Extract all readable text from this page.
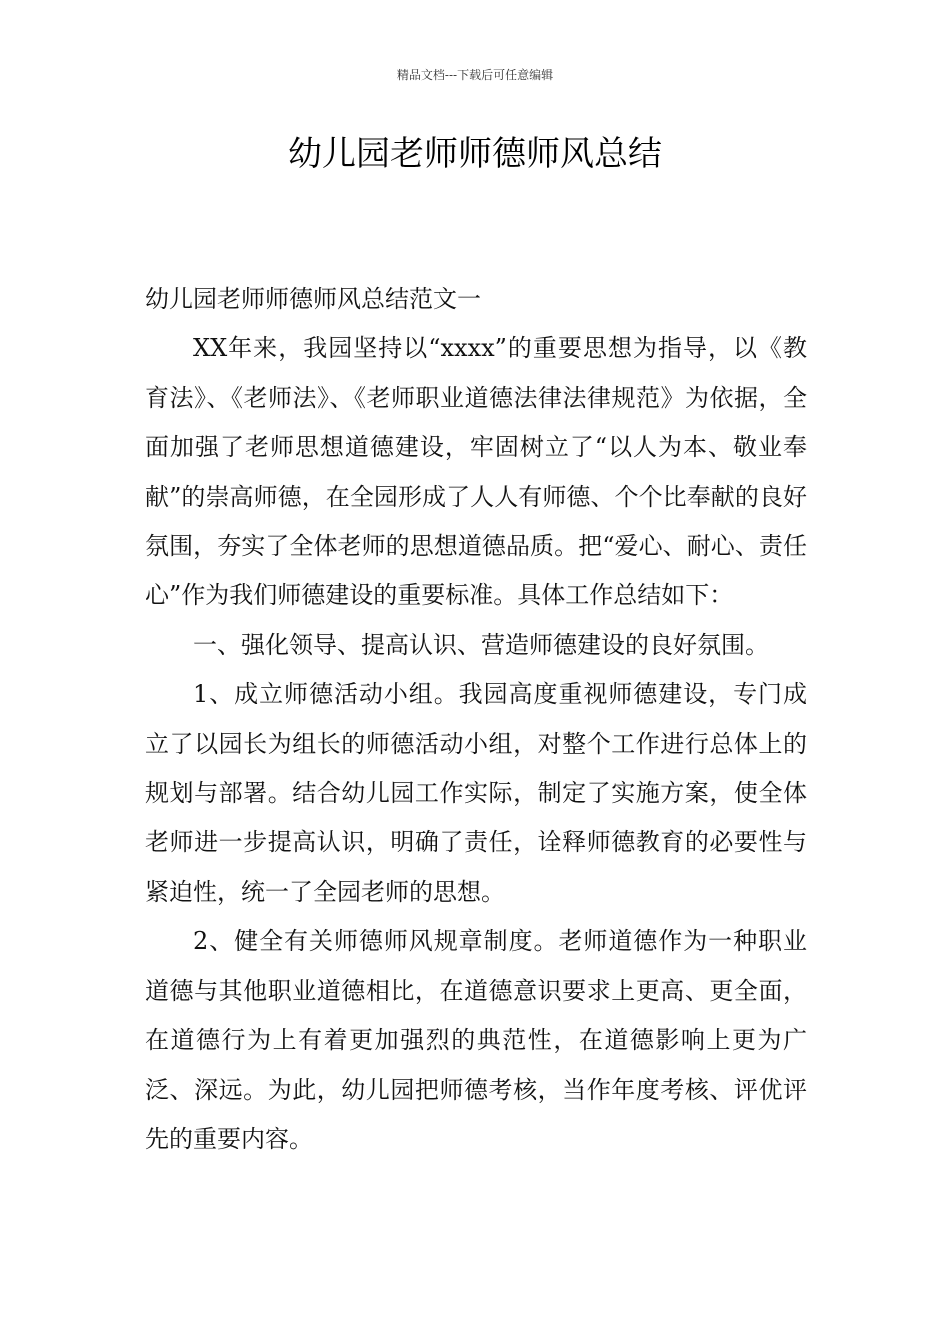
精品文档---下载后可任意编辑
幼儿园老师师德师风总结

幼儿园老师师德师风总结范文一

XX年来，我园坚持以“xxxx”的重要思想为指导，以《教育法》、《老师法》、《老师职业道德法律法律规范》为依据，全面加强了老师思想道德建设，牢固树立了“以人为本、敬业奉献”的崇高师德，在全园形成了人人有师德、个个比奉献的良好氛围，夯实了全体老师的思想道德品质。把“爱心、耐心、责任心”作为我们师德建设的重要标准。具体工作总结如下：

一、强化领导、提高认识、营造师德建设的良好氛围。

1、成立师德活动小组。我园高度重视师德建设，专门成立了以园长为组长的师德活动小组，对整个工作进行总体上的规划与部署。结合幼儿园工作实际，制定了实施方案，使全体老师进一步提高认识，明确了责任，诠释师德教育的必要性与紧迫性，统一了全园老师的思想。

2、健全有关师德师风规章制度。老师道德作为一种职业道德与其他职业道德相比，在道德意识要求上更高、更全面，在道德行为上有着更加强烈的典范性，在道德影响上更为广泛、深远。为此，幼儿园把师德考核，当作年度考核、评优评先的重要内容。
